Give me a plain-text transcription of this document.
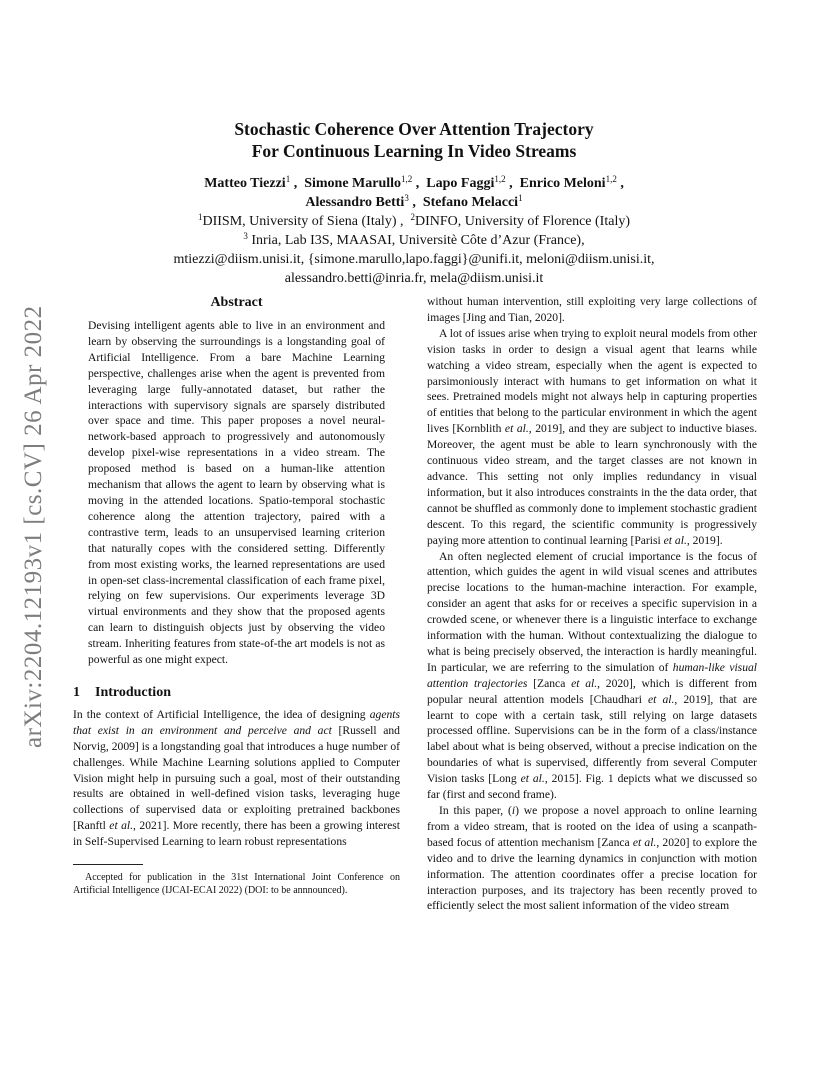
arXiv:2204.12193v1 [cs.CV] 26 Apr 2022
Stochastic Coherence Over Attention Trajectory
For Continuous Learning In Video Streams
Matteo Tiezzi$^1$ ,  Simone Marullo$^{1,2}$ ,  Lapo Faggi$^{1,2}$ ,  Enrico Meloni$^{1,2}$ ,
Alessandro Betti$^3$ ,  Stefano Melacci$^1$
$^1$DIISM, University of Siena (Italy) , $^2$DINFO, University of Florence (Italy)
$^3$ Inria, Lab I3S, MAASAI, Universitè Côte d’Azur (France),
mtiezzi@diism.unisi.it, {simone.marullo,lapo.faggi}@unifi.it, meloni@diism.unisi.it,
alessandro.betti@inria.fr, mela@diism.unisi.it
Abstract

Devising intelligent agents able to live in an environment and learn by observing the surroundings is a longstanding goal of Artificial Intelligence. From a bare Machine Learning perspective, challenges arise when the agent is prevented from leveraging large fully-annotated dataset, but rather the interactions with supervisory signals are sparsely distributed over space and time. This paper proposes a novel neural-network-based approach to progressively and autonomously develop pixel-wise representations in a video stream. The proposed method is based on a human-like attention mechanism that allows the agent to learn by observing what is moving in the attended locations. Spatio-temporal stochastic coherence along the attention trajectory, paired with a contrastive term, leads to an unsupervised learning criterion that naturally copes with the considered setting. Differently from most existing works, the learned representations are used in open-set class-incremental classification of each frame pixel, relying on few supervisions. Our experiments leverage 3D virtual environments and they show that the proposed agents can learn to distinguish objects just by observing the video stream. Inheriting features from state-of-the art models is not as powerful as one might expect.

1 Introduction

In the context of Artificial Intelligence, the idea of designing agents that exist in an environment and perceive and act [Russell and Norvig, 2009] is a longstanding goal that introduces a huge number of challenges. While Machine Learning solutions applied to Computer Vision might help in pursuing such a goal, most of their outstanding results are obtained in well-defined vision tasks, leveraging huge collections of supervised data or exploiting pretrained backbones [Ranftl et al., 2021]. More recently, there has been a growing interest in Self-Supervised Learning to learn robust representations

Accepted for publication in the 31st International Joint Conference on Artificial Intelligence (IJCAI-ECAI 2022) (DOI: to be annnounced).

without human intervention, still exploiting very large collections of images [Jing and Tian, 2020].

A lot of issues arise when trying to exploit neural models from other vision tasks in order to design a visual agent that learns while watching a video stream, especially when the agent is expected to parsimoniously interact with humans to get information on what it sees. Pretrained models might not always help in capturing properties of entities that belong to the particular environment in which the agent lives [Kornblith et al., 2019], and they are subject to inductive biases. Moreover, the agent must be able to learn synchronously with the continuous video stream, and the target classes are not known in advance. This setting not only implies redundancy in visual information, but it also introduces constraints in the the data order, that cannot be shuffled as commonly done to implement stochastic gradient descent. To this regard, the scientific community is progressively paying more attention to continual learning [Parisi et al., 2019].

An often neglected element of crucial importance is the focus of attention, which guides the agent in wild visual scenes and attributes precise locations to the human-machine interaction. For example, consider an agent that asks for or receives a specific supervision in a crowded scene, or whenever there is a linguistic interface to exchange information with the human. Without contextualizing the dialogue to what is being precisely observed, the interaction is hardly meaningful. In particular, we are referring to the simulation of human-like visual attention trajectories [Zanca et al., 2020], which is different from popular neural attention models [Chaudhari et al., 2019], that are learnt to cope with a certain task, still relying on large datasets processed offline. Supervisions can be in the form of a class/instance label about what is being observed, without a precise indication on the boundaries of what is supervised, differently from several Computer Vision tasks [Long et al., 2015]. Fig. 1 depicts what we discussed so far (first and second frame).

In this paper, (i) we propose a novel approach to online learning from a video stream, that is rooted on the idea of using a scanpath-based focus of attention mechanism [Zanca et al., 2020] to explore the video and to drive the learning dynamics in conjunction with motion information. The attention coordinates offer a precise location for interaction purposes, and its trajectory has been recently proved to efficiently select the most salient information of the video stream
